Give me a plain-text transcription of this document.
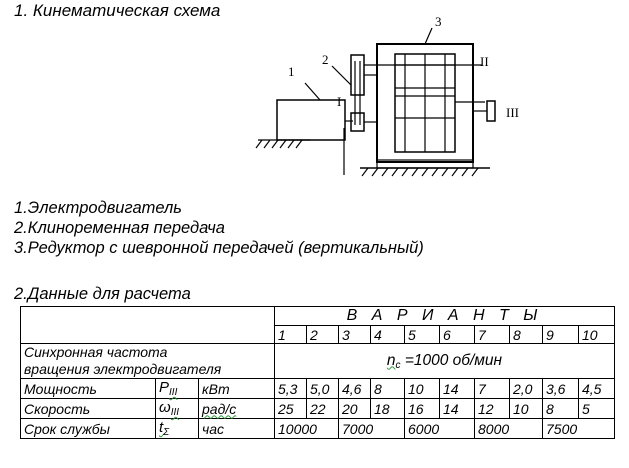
1. Кинематическая схема
1
2
3
I
II
III
1.Электродвигатель
2.Клиноременная передача
3.Редуктор с шевронной передачей (вертикальный)
2.Данные для расчета
			В А Р И А Н Т Ы									
			1	2	3	4	5	6	7	8	9	10

Синхронная частота
вращения электродвигателя			$n_c =1000$ об/мин									
Мощность	$P_{III}$	кВт	5,3	5,0	4,6	8	10	14	7	2,0	3,6	4,5
Скорость	$\omega_{III}$	рад/с	25	22	20	18	16	14	12	10	8	5
Срок службы	$t_\Sigma$	час	10000		7000		6000		8000		7500	
